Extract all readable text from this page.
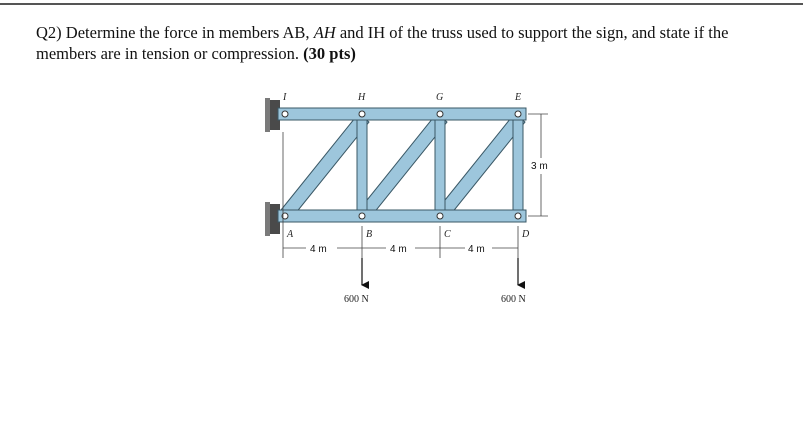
Q2) Determine the force in members AB, AH and IH of the truss used to support the sign, and state if the members are in tension or compression. (30 pts)
I	H	G	E
A	B	C	D
4 m	4 m	4 m
3 m
600 N	600 N
